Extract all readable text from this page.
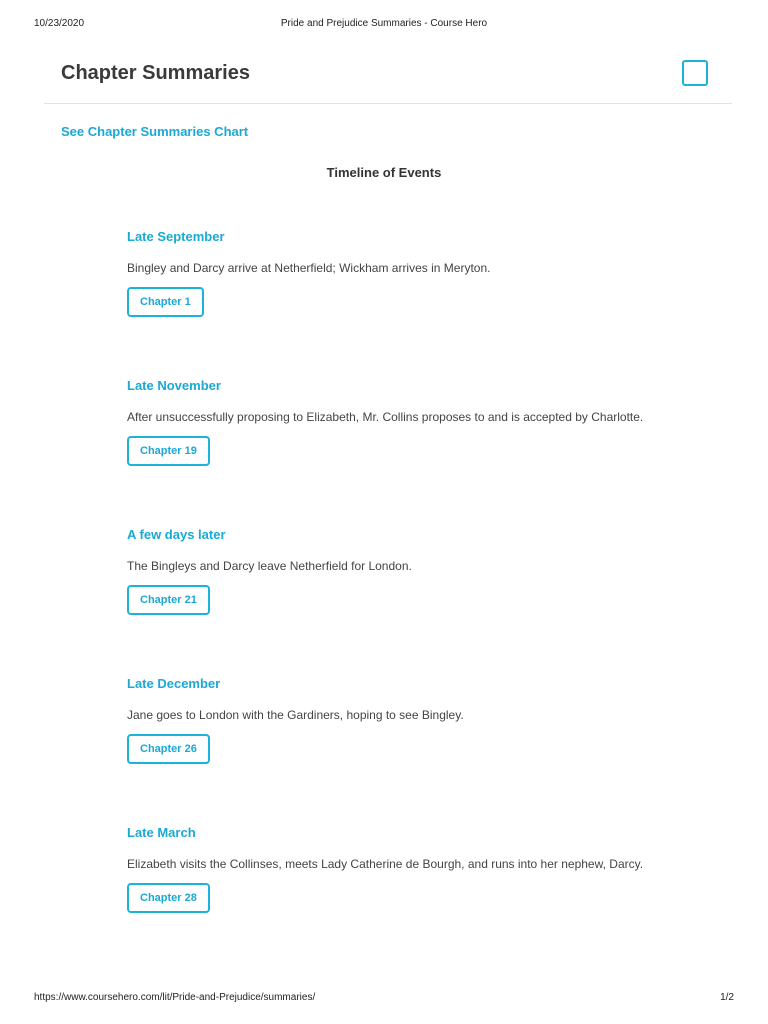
10/23/2020	Pride and Prejudice Summaries - Course Hero
Chapter Summaries
See Chapter Summaries Chart
Timeline of Events
Late September
Bingley and Darcy arrive at Netherfield; Wickham arrives in Meryton.
Chapter 1
Late November
After unsuccessfully proposing to Elizabeth, Mr. Collins proposes to and is accepted by Charlotte.
Chapter 19
A few days later
The Bingleys and Darcy leave Netherfield for London.
Chapter 21
Late December
Jane goes to London with the Gardiners, hoping to see Bingley.
Chapter 26
Late March
Elizabeth visits the Collinses, meets Lady Catherine de Bourgh, and runs into her nephew, Darcy.
Chapter 28
https://www.coursehero.com/lit/Pride-and-Prejudice/summaries/	1/2
